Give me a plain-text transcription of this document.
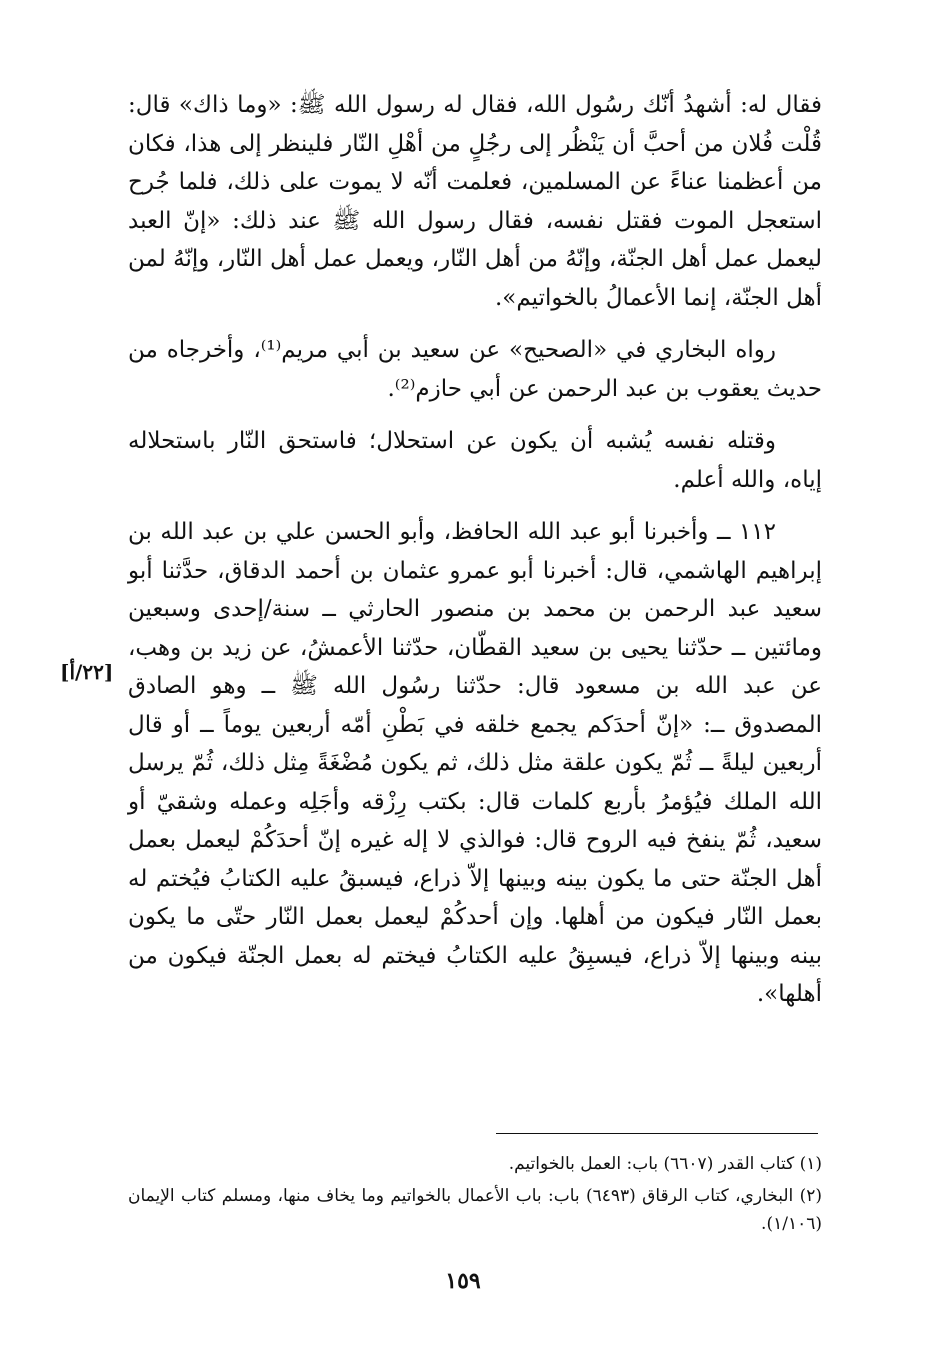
فقال له: أشهدُ أنّك رسُول الله، فقال له رسول الله ﷺ: «وما ذاك» قال: قُلْت فُلان من أحبَّ أن يَنْظُر إلى رجُلٍ من أهْلِ النّار فلينظر إلى هذا، فكان من أعظمنا عناءً عن المسلمين، فعلمت أنّه لا يموت على ذلك، فلما جُرح استعجل الموت فقتل نفسه، فقال رسول الله ﷺ عند ذلك: «إنّ العبد ليعمل عمل أهل الجنّة، وإنّهُ من أهل النّار، ويعمل عمل أهل النّار، وإنّهُ لمن أهل الجنّة، إنما الأعمالُ بالخواتيم».

رواه البخاري في «الصحيح» عن سعيد بن أبي مريم⁽¹⁾، وأخرجاه من حديث يعقوب بن عبد الرحمن عن أبي حازم⁽²⁾.

وقتله نفسه يُشبه أن يكون عن استحلال؛ فاستحق النّار باستحلاله إياه، والله أعلم.

١١٢ ــ وأخبرنا أبو عبد الله الحافظ، وأبو الحسن علي بن عبد الله بن إبراهيم الهاشمي، قال: أخبرنا أبو عمرو عثمان بن أحمد الدقاق، حدَّثنا أبو سعيد عبد الرحمن بن محمد بن منصور الحارثي ــ سنة/إحدى وسبعين ومائتين ــ حدّثنا يحيى بن سعيد القطّان، حدّثنا الأعمشُ، عن زيد بن وهب، عن عبد الله بن مسعود قال: حدّثنا رسُول الله ﷺ ــ وهو الصادق المصدوق ــ: «إنّ أحدَكم يجمع خلقه في بَطْنِ أمّه أربعين يوماً ــ أو قال أربعين ليلةً ــ ثُمّ يكون علقة مثل ذلك، ثم يكون مُضْغَةً مِثل ذلك، ثُمّ يرسل الله الملك فيُؤمرُ بأربع كلمات قال: بكتب رِزْقه وأجَلِه وعمله وشقيّ أو سعيد، ثُمّ ينفخ فيه الروح قال: فوالذي لا إله غيره إنّ أحدَكُمْ ليعمل بعمل أهل الجنّة حتى ما يكون بينه وبينها إلاّ ذراع، فيسبقُ عليه الكتابُ فيُختم له بعمل النّار فيكون من أهلها. وإن أحدكُمْ ليعمل بعمل النّار حتّى ما يكون بينه وبينها إلاّ ذراع، فيسبِقُ عليه الكتابُ فيختم له بعمل الجنّة فيكون من أهلها».

[٢٢/أ]

(١) كتاب القدر (٦٦٠٧) باب: العمل بالخواتيم.

(٢) البخاري، كتاب الرقاق (٦٤٩٣) باب: باب الأعمال بالخواتيم وما يخاف منها، ومسلم كتاب الإيمان (١/١٠٦).

١٥٩
